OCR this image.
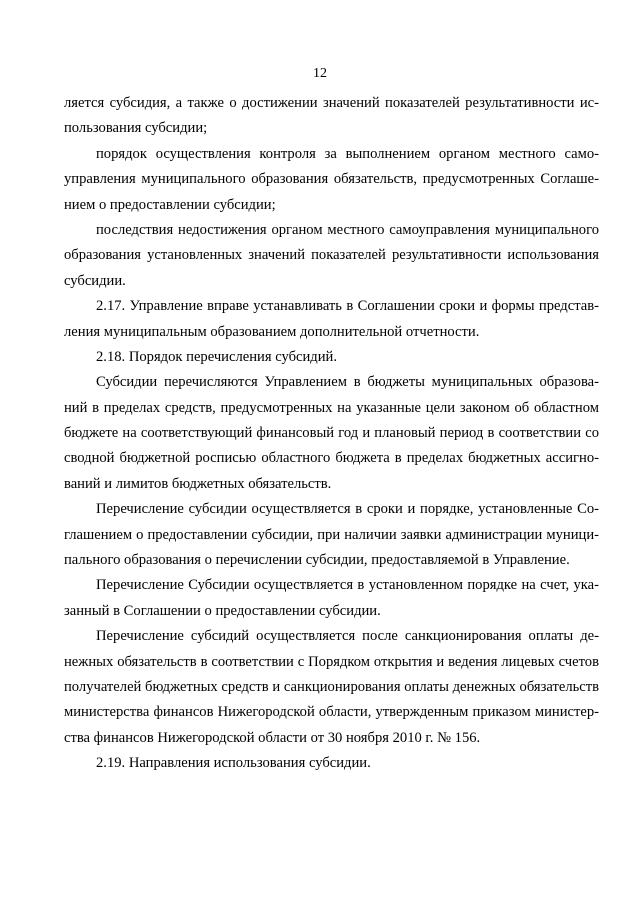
12
ляется субсидия, а также о достижении значений показателей результативности ис-
пользования субсидии;
порядок осуществления контроля за выполнением органом местного само-
управления муниципального образования обязательств, предусмотренных Соглаше-
нием о предоставлении субсидии;
последствия недостижения органом местного самоуправления муниципального
образования установленных значений показателей результативности использования
субсидии.
2.17. Управление вправе устанавливать в Соглашении сроки и формы представ-
ления муниципальным образованием дополнительной отчетности.
2.18. Порядок перечисления субсидий.
Субсидии перечисляются Управлением в бюджеты муниципальных образова-
ний в пределах средств, предусмотренных на указанные цели законом об областном
бюджете на соответствующий финансовый год и плановый период в соответствии со
сводной бюджетной росписью областного бюджета в пределах бюджетных ассигно-
ваний и лимитов бюджетных обязательств.
Перечисление субсидии осуществляется в сроки и порядке, установленные Со-
глашением о предоставлении субсидии, при наличии заявки администрации муници-
пального образования о перечислении субсидии, предоставляемой в Управление.
Перечисление Субсидии осуществляется в установленном порядке на счет, ука-
занный в Соглашении о предоставлении субсидии.
Перечисление субсидий осуществляется после санкционирования оплаты де-
нежных обязательств в соответствии с Порядком открытия и ведения лицевых счетов
получателей бюджетных средств и санкционирования оплаты денежных обязательств
министерства финансов Нижегородской области, утвержденным приказом министер-
ства финансов Нижегородской области от 30 ноября 2010 г. № 156.
2.19. Направления использования субсидии.
